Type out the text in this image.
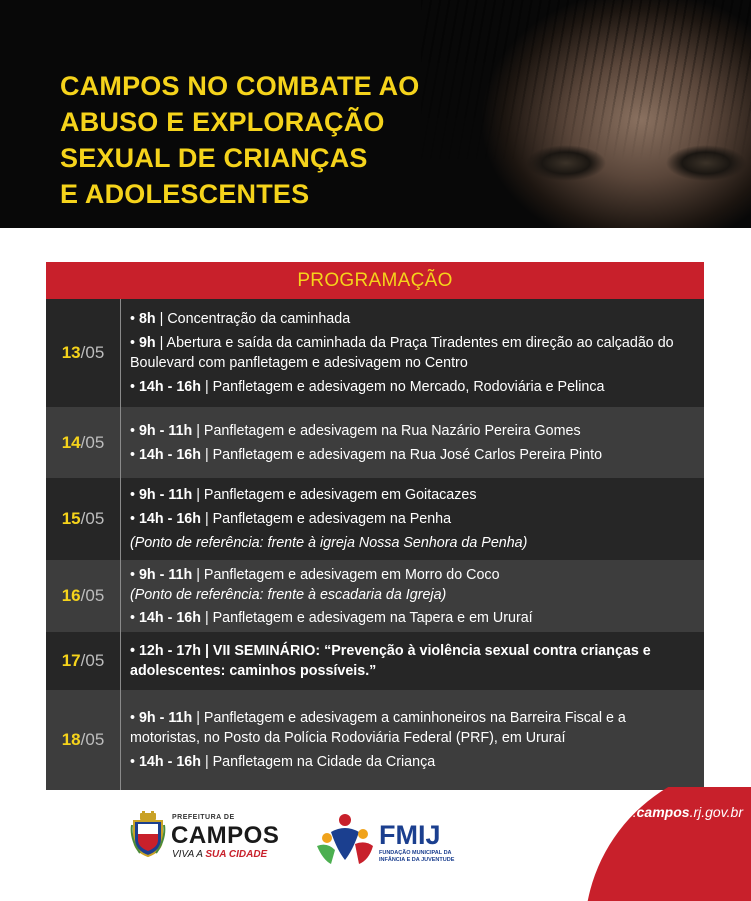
CAMPOS NO COMBATE AO
ABUSO E EXPLORAÇÃO
SEXUAL DE CRIANÇAS
E ADOLESCENTES
PROGRAMAÇÃO
13 /05
• 8h | Concentração da caminhada
• 9h | Abertura e saída da caminhada da Praça Tiradentes em direção ao calçadão do Boulevard com panfletagem e adesivagem no Centro
• 14h - 16h | Panfletagem e adesivagem no Mercado, Rodoviária e Pelinca
14 /05
• 9h - 11h | Panfletagem e adesivagem na Rua Nazário Pereira Gomes
• 14h - 16h | Panfletagem e adesivagem na Rua José Carlos Pereira Pinto
15 /05
• 9h - 11h | Panfletagem e adesivagem em Goitacazes
• 14h - 16h | Panfletagem e adesivagem na Penha
(Ponto de referência: frente à igreja Nossa Senhora da Penha)
16 /05
• 9h - 11h | Panfletagem e adesivagem em Morro do Coco
(Ponto de referência: frente à escadaria da Igreja)
• 14h - 16h | Panfletagem e adesivagem na Tapera e em Ururaí
17 /05 • 12h - 17h | VII SEMINÁRIO: “Prevenção à violência sexual contra crianças e adolescentes: caminhos possíveis.”
18 /05
• 9h - 11h | Panfletagem e adesivagem a caminhoneiros na Barreira Fiscal e a motoristas, no Posto da Polícia Rodoviária Federal (PRF), em Ururaí
• 14h - 16h | Panfletagem na Cidade da Criança
www.campos.rj.gov.br
PREFEITURA DE
CAMPOS
VIVA A SUA CIDADE
FMIJ
FUNDAÇÃO MUNICIPAL DA
INFÂNCIA E DA JUVENTUDE
